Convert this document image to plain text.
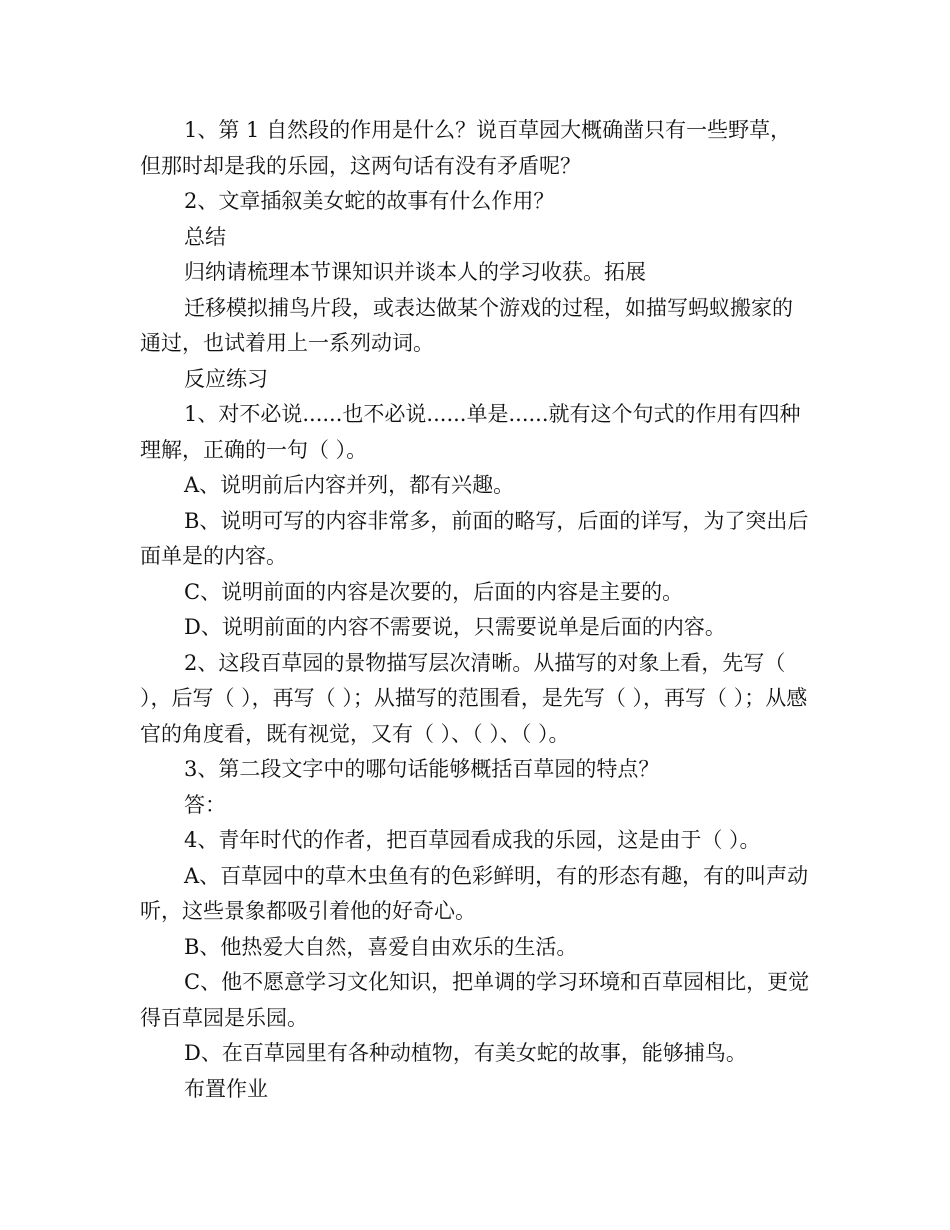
1、第 1 自然段的作用是什么？说百草园大概确凿只有一些野草，但那时却是我的乐园，这两句话有没有矛盾呢？

2、文章插叙美女蛇的故事有什么作用？

总结

归纳请梳理本节课知识并谈本人的学习收获。拓展

迁移模拟捕鸟片段，或表达做某个游戏的过程，如描写蚂蚁搬家的通过，也试着用上一系列动词。

反应练习

1、对不必说......也不必说......单是......就有这个句式的作用有四种理解，正确的一句（ ）。

A、说明前后内容并列，都有兴趣。

B、说明可写的内容非常多，前面的略写，后面的详写，为了突出后面单是的内容。

C、说明前面的内容是次要的，后面的内容是主要的。

D、说明前面的内容不需要说，只需要说单是后面的内容。

2、这段百草园的景物描写层次清晰。从描写的对象上看，先写（ ），后写（ ），再写（ ）；从描写的范围看，是先写（ ），再写（ ）；从感官的角度看，既有视觉，又有（ ）、（ ）、（ ）。

3、第二段文字中的哪句话能够概括百草园的特点？

答：

4、青年时代的作者，把百草园看成我的乐园，这是由于（ ）。

A、百草园中的草木虫鱼有的色彩鲜明，有的形态有趣，有的叫声动听，这些景象都吸引着他的好奇心。

B、他热爱大自然，喜爱自由欢乐的生活。

C、他不愿意学习文化知识，把单调的学习环境和百草园相比，更觉得百草园是乐园。

D、在百草园里有各种动植物，有美女蛇的故事，能够捕鸟。

布置作业
